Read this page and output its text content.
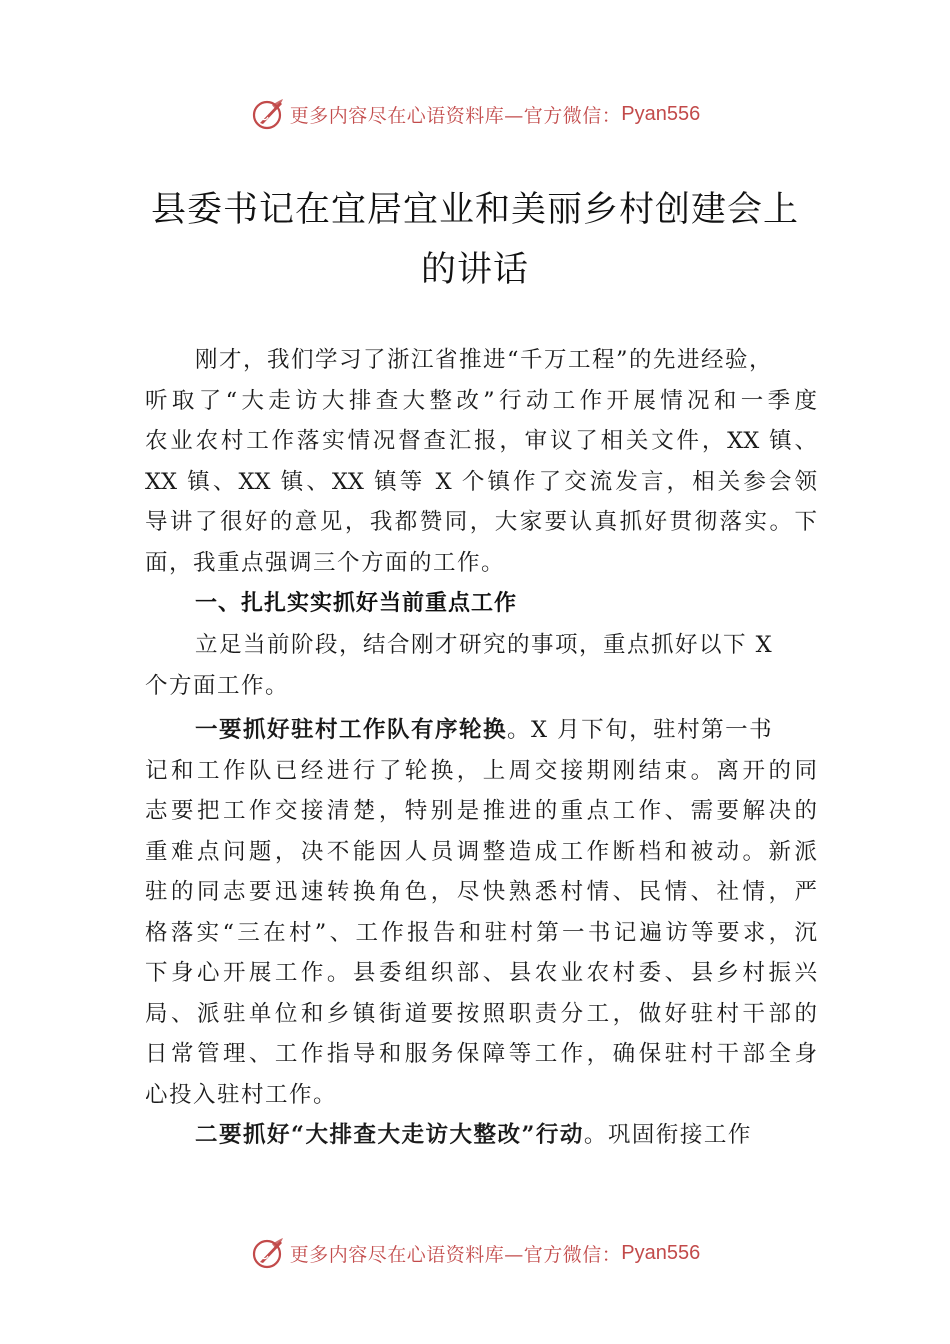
更多内容尽在心语资料库—官方微信： Pyan556
县委书记在宜居宜业和美丽乡村创建会上
的讲话
刚才，我们学习了浙江省推进“千万工程”的先进经验，
听取了“大走访大排查大整改”行动工作开展情况和一季度
农业农村工作落实情况督查汇报，审议了相关文件，XX 镇、
XX 镇、XX 镇、XX 镇等 X 个镇作了交流发言，相关参会领
导讲了很好的意见，我都赞同，大家要认真抓好贯彻落实。下
面，我重点强调三个方面的工作。
一、扎扎实实抓好当前重点工作
立足当前阶段，结合刚才研究的事项，重点抓好以下 X
个方面工作。
一要抓好驻村工作队有序轮换。X 月下旬，驻村第一书
记和工作队已经进行了轮换，上周交接期刚结束。离开的同
志要把工作交接清楚，特别是推进的重点工作、需要解决的
重难点问题，决不能因人员调整造成工作断档和被动。新派
驻的同志要迅速转换角色，尽快熟悉村情、民情、社情，严
格落实“三在村”、工作报告和驻村第一书记遍访等要求，沉
下身心开展工作。县委组织部、县农业农村委、县乡村振兴
局、派驻单位和乡镇街道要按照职责分工，做好驻村干部的
日常管理、工作指导和服务保障等工作，确保驻村干部全身
心投入驻村工作。
二要抓好“大排查大走访大整改”行动。巩固衔接工作
更多内容尽在心语资料库—官方微信： Pyan556
